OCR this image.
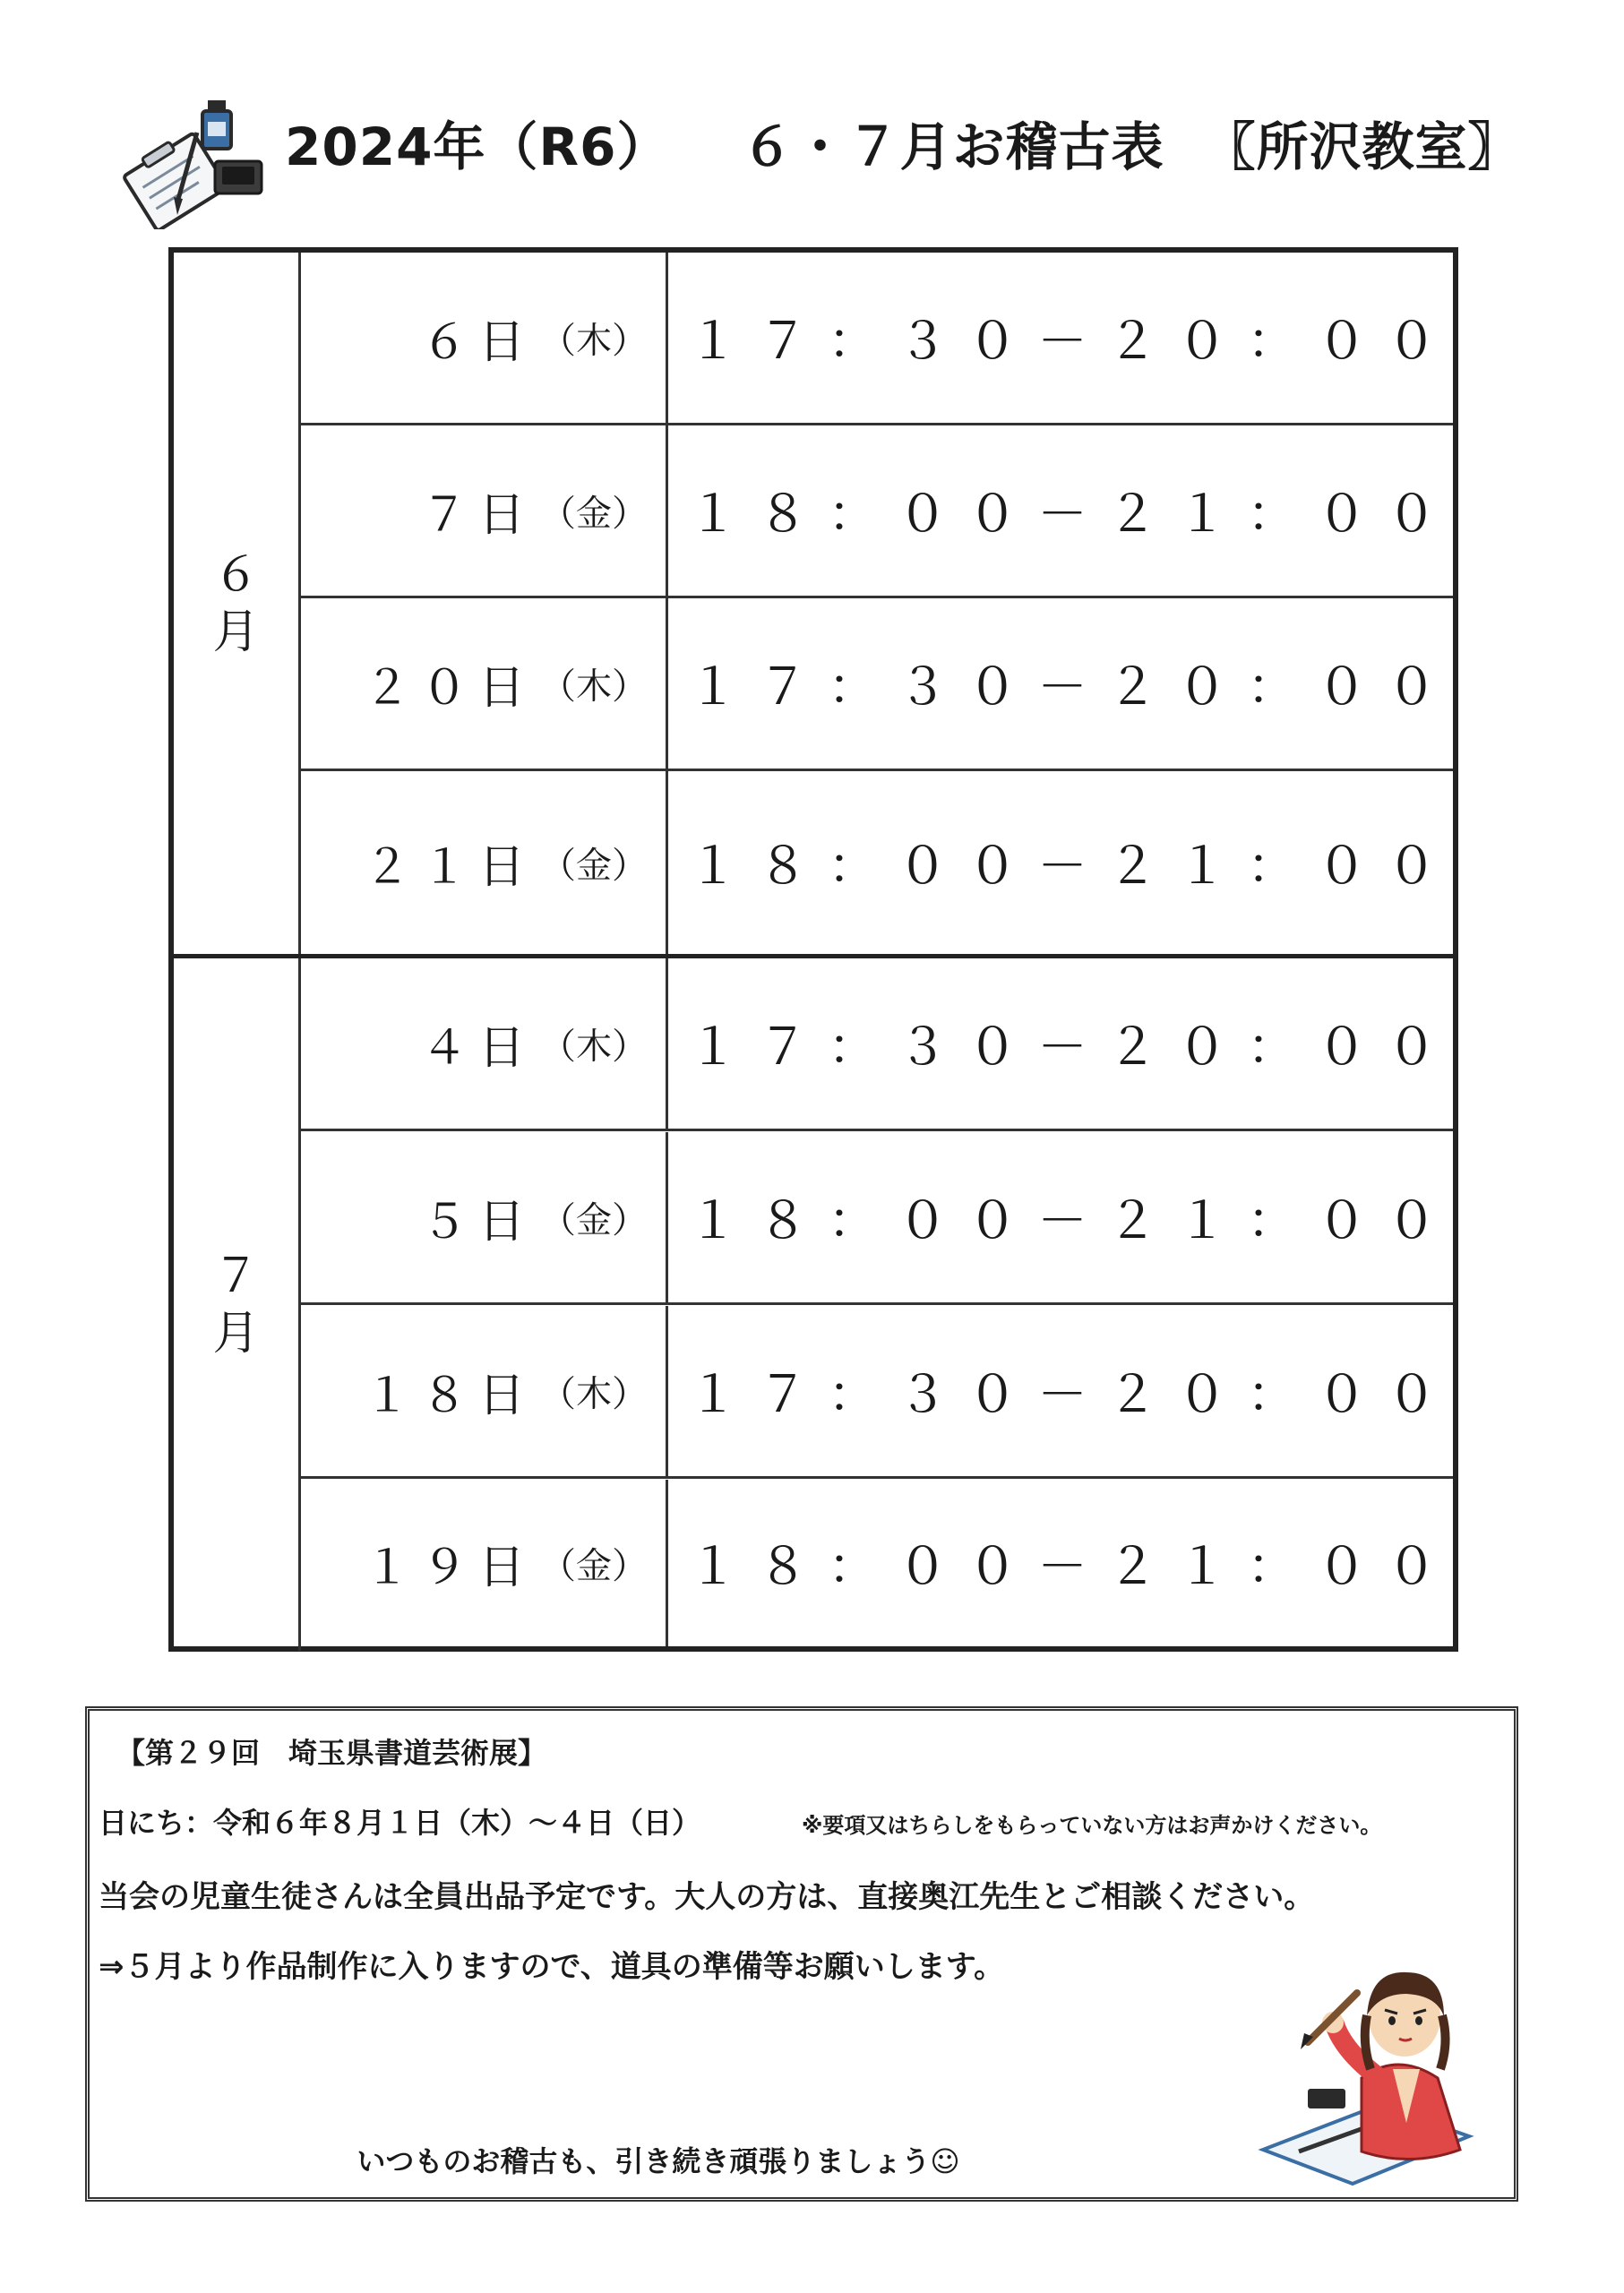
2024年（R6） ６・７月お稽古表 〖所沢教室〗
６
月
６日 （木） １７：３０－２０：００
７日 （金） １８：００－２１：００
２０日 （木） １７：３０－２０：００
２１日 （金） １８：００－２１：００
７
月
４日 （木） １７：３０－２０：００
５日 （金） １８：００－２１：００
１８日 （木） １７：３０－２０：００
１９日 （金） １８：００－２１：００
【第２９回　埼玉県書道芸術展】
日にち：令和６年８月１日（木）～４日（日）	※要項又はちらしをもらっていない方はお声かけください。
当会の児童生徒さんは全員出品予定です。大人の方は、直接奥江先生とご相談ください。
⇒５月より作品制作に入りますので、道具の準備等お願いします。
いつものお稽古も、引き続き頑張りましょう☺
